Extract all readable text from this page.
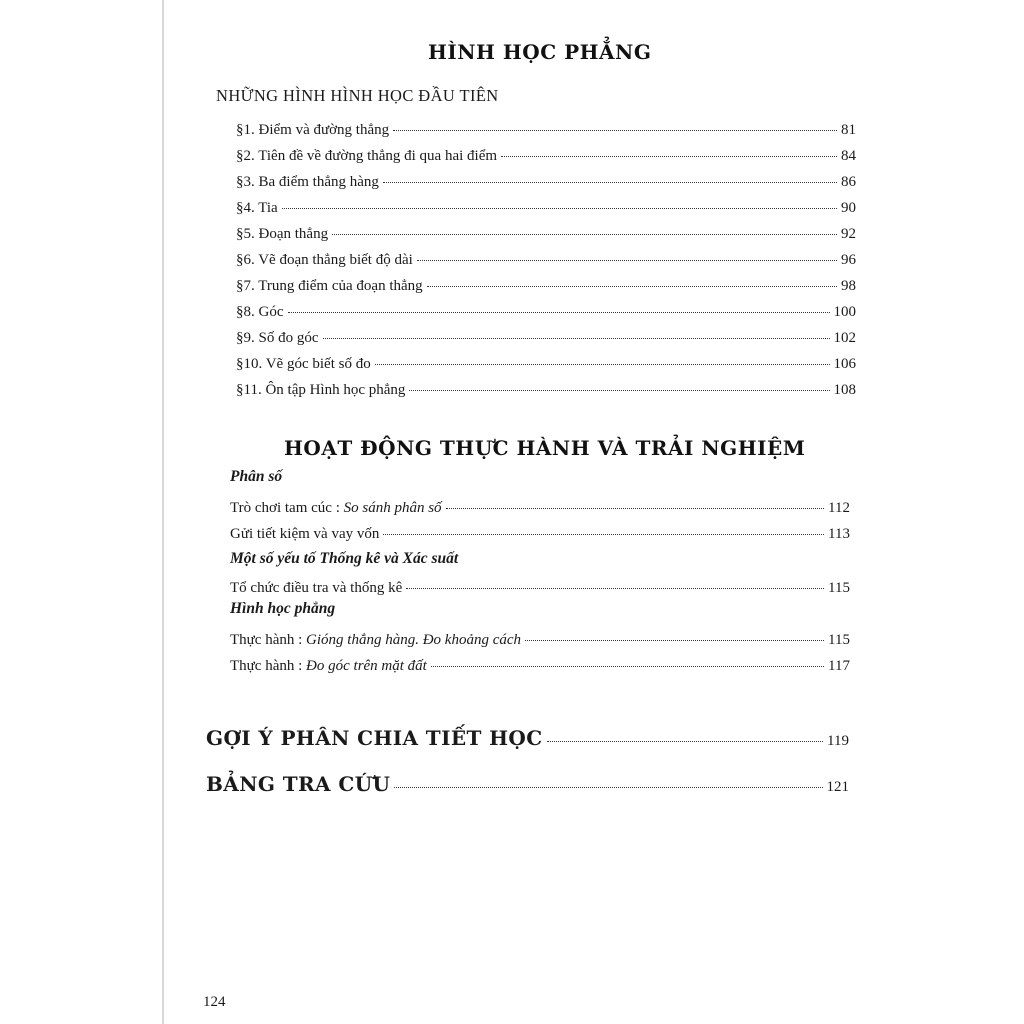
HÌNH HỌC PHẲNG
NHỮNG HÌNH HÌNH HỌC ĐẦU TIÊN
§1. Điểm và đường thẳng	81
§2. Tiên đề về đường thẳng đi qua hai điểm	84
§3. Ba điểm thẳng hàng	86
§4. Tia	90
§5. Đoạn thẳng	92
§6. Vẽ đoạn thẳng biết độ dài	96
§7. Trung điểm của đoạn thẳng	98
§8. Góc	100
§9. Số đo góc	102
§10. Vẽ góc biết số đo	106
§11. Ôn tập Hình học phẳng	108
HOẠT ĐỘNG THỰC HÀNH VÀ TRẢI NGHIỆM
Phân số
Trò chơi tam cúc : So sánh phân số	112
Gửi tiết kiệm và vay vốn	113
Một số yếu tố Thống kê và Xác suất
Tổ chức điều tra và thống kê	115
Hình học phẳng
Thực hành : Gióng thẳng hàng. Đo khoảng cách	115
Thực hành : Đo góc trên mặt đất	117
GỢI Ý PHÂN CHIA TIẾT HỌC	119
BẢNG TRA CỨU	121
124
